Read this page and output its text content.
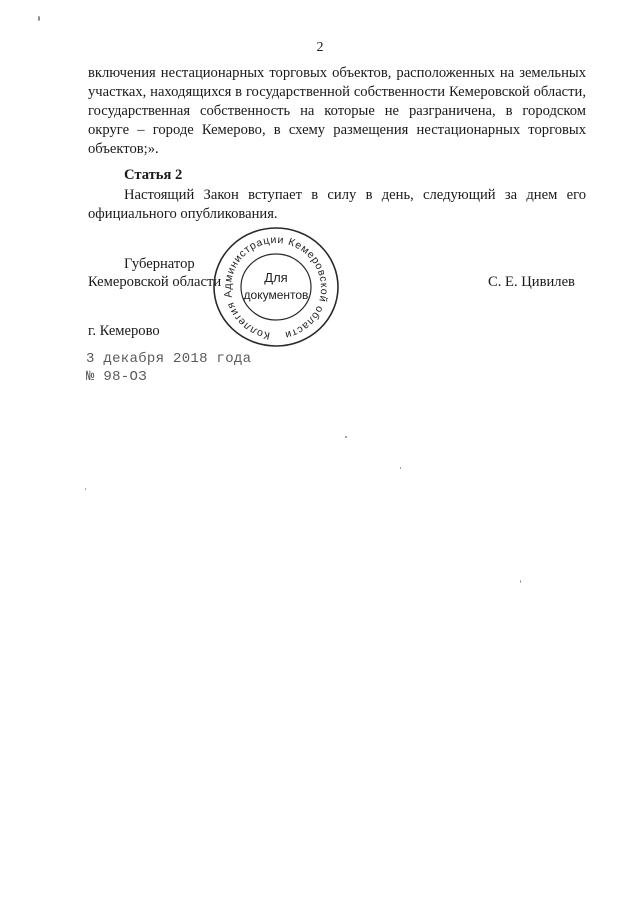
2
включения нестационарных торговых объектов, расположенных на земельных участках, находящихся в государственной собственности Кемеровской области, государственная собственность на которые не разграничена, в городском округе – городе Кемерово, в схему размещения нестационарных торговых объектов;».
Статья 2
Настоящий Закон вступает в силу в день, следующий за днем его официального опубликования.
Губернатор
Кемеровской области	С. Е. Цивилев
г. Кемерово
3 декабря 2018 года
№ 98-ОЗ
Коллегия Администрации Кемеровской области
Для
документов
